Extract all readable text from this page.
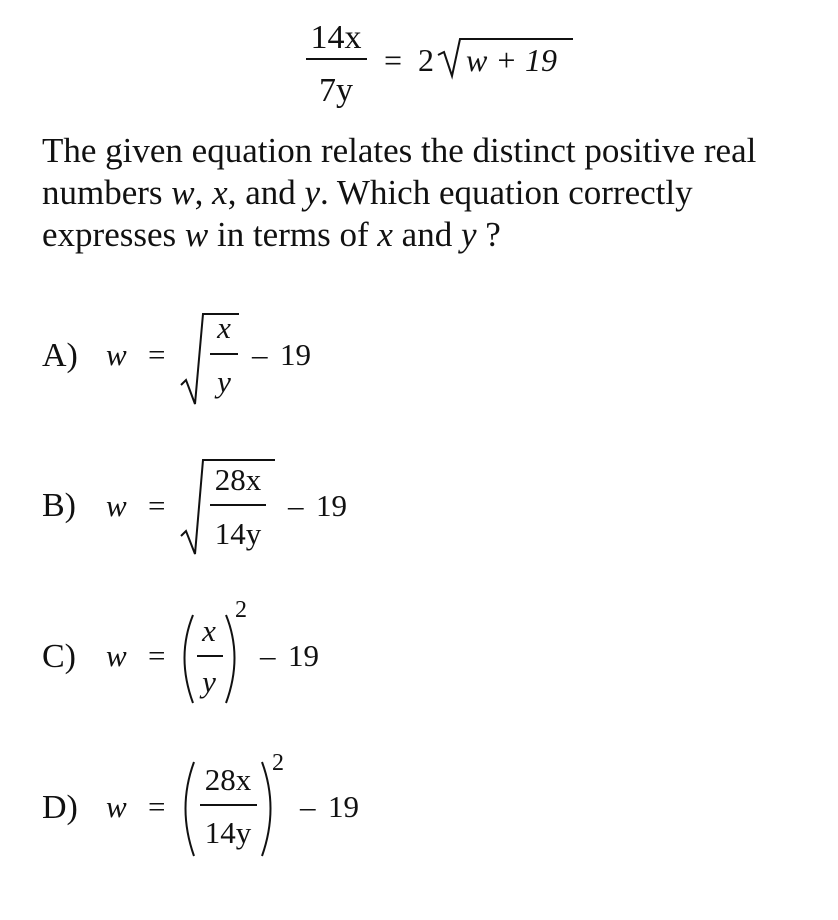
14x
7y
= 2 w + 19
The given equation relates the distinct positive real
numbers w, x, and y. Which equation correctly
expresses w in terms of x and y ?
A) w =
x
y
– 19
B) w =
28x
14y
– 19
C) w =
x
y
2
– 19
D) w =
28x
14y
2
– 19
